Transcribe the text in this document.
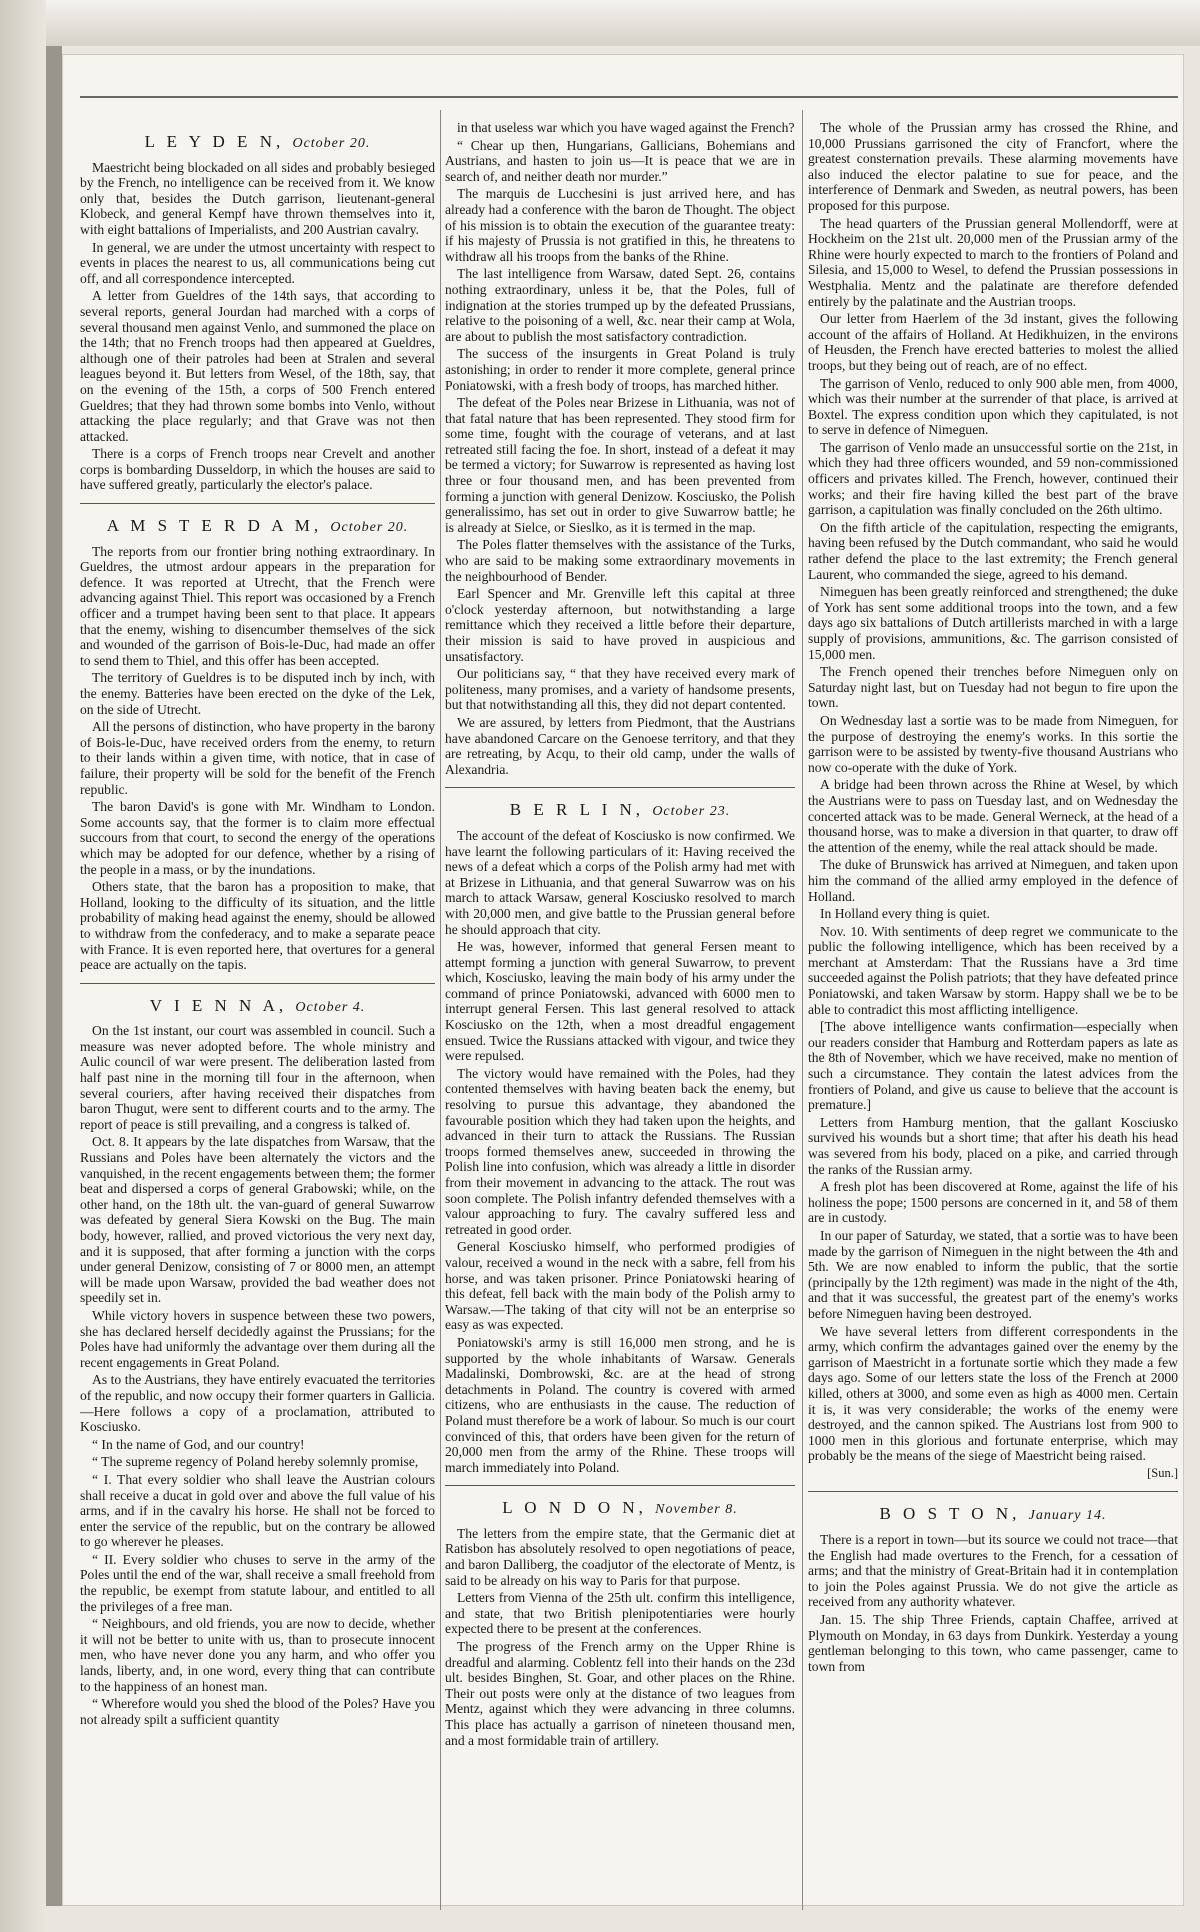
L E Y D E N, October 20.

Maestricht being blockaded on all sides and probably besieged by the French, no intelligence can be received from it. We know only that, besides the Dutch garrison, lieutenant-general Klobeck, and general Kempf have thrown themselves into it, with eight battalions of Imperialists, and 200 Austrian cavalry.

In general, we are under the utmost uncertainty with respect to events in places the nearest to us, all communications being cut off, and all correspondence intercepted.

A letter from Gueldres of the 14th says, that according to several reports, general Jourdan had marched with a corps of several thousand men against Venlo, and summoned the place on the 14th; that no French troops had then appeared at Gueldres, although one of their patroles had been at Stralen and several leagues beyond it. But letters from Wesel, of the 18th, say, that on the evening of the 15th, a corps of 500 French entered Gueldres; that they had thrown some bombs into Venlo, without attacking the place regularly; and that Grave was not then attacked.

There is a corps of French troops near Crevelt and another corps is bombarding Dusseldorp, in which the houses are said to have suffered greatly, particularly the elector's palace.

A M S T E R D A M, October 20.

The reports from our frontier bring nothing extraordinary. In Gueldres, the utmost ardour appears in the preparation for defence. It was reported at Utrecht, that the French were advancing against Thiel. This report was occasioned by a French officer and a trumpet having been sent to that place. It appears that the enemy, wishing to disencumber themselves of the sick and wounded of the garrison of Bois-le-Duc, had made an offer to send them to Thiel, and this offer has been accepted.

The territory of Gueldres is to be disputed inch by inch, with the enemy. Batteries have been erected on the dyke of the Lek, on the side of Utrecht.

All the persons of distinction, who have property in the barony of Bois-le-Duc, have received orders from the enemy, to return to their lands within a given time, with notice, that in case of failure, their property will be sold for the benefit of the French republic.

The baron David's is gone with Mr. Windham to London. Some accounts say, that the former is to claim more effectual succours from that court, to second the energy of the operations which may be adopted for our defence, whether by a rising of the people in a mass, or by the inundations.

Others state, that the baron has a proposition to make, that Holland, looking to the difficulty of its situation, and the little probability of making head against the enemy, should be allowed to withdraw from the confederacy, and to make a separate peace with France. It is even reported here, that overtures for a general peace are actually on the tapis.

V I E N N A, October 4.

On the 1st instant, our court was assembled in council. Such a measure was never adopted before. The whole ministry and Aulic council of war were present. The deliberation lasted from half past nine in the morning till four in the afternoon, when several couriers, after having received their dispatches from baron Thugut, were sent to different courts and to the army. The report of peace is still prevailing, and a congress is talked of.

Oct. 8. It appears by the late dispatches from Warsaw, that the Russians and Poles have been alternately the victors and the vanquished, in the recent engagements between them; the former beat and dispersed a corps of general Grabowski; while, on the other hand, on the 18th ult. the van-guard of general Suwarrow was defeated by general Siera Kowski on the Bug. The main body, however, rallied, and proved victorious the very next day, and it is supposed, that after forming a junction with the corps under general Denizow, consisting of 7 or 8000 men, an attempt will be made upon Warsaw, provided the bad weather does not speedily set in.

While victory hovers in suspence between these two powers, she has declared herself decidedly against the Prussians; for the Poles have had uniformly the advantage over them during all the recent engagements in Great Poland.

As to the Austrians, they have entirely evacuated the territories of the republic, and now occupy their former quarters in Gallicia.—Here follows a copy of a proclamation, attributed to Kosciusko.

“ In the name of God, and our country!

“ The supreme regency of Poland hereby solemnly promise,

“ I. That every soldier who shall leave the Austrian colours shall receive a ducat in gold over and above the full value of his arms, and if in the cavalry his horse. He shall not be forced to enter the service of the republic, but on the contrary be allowed to go wherever he pleases.

“ II. Every soldier who chuses to serve in the army of the Poles until the end of the war, shall receive a small freehold from the republic, be exempt from statute labour, and entitled to all the privileges of a free man.

“ Neighbours, and old friends, you are now to decide, whether it will not be better to unite with us, than to prosecute innocent men, who have never done you any harm, and who offer you lands, liberty, and, in one word, every thing that can contribute to the happiness of an honest man.

“ Wherefore would you shed the blood of the Poles? Have you not already spilt a sufficient quantity

in that useless war which you have waged against the French?

“ Chear up then, Hungarians, Gallicians, Bohemians and Austrians, and hasten to join us—It is peace that we are in search of, and neither death nor murder.”

The marquis de Lucchesini is just arrived here, and has already had a conference with the baron de Thought. The object of his mission is to obtain the execution of the guarantee treaty: if his majesty of Prussia is not gratified in this, he threatens to withdraw all his troops from the banks of the Rhine.

The last intelligence from Warsaw, dated Sept. 26, contains nothing extraordinary, unless it be, that the Poles, full of indignation at the stories trumped up by the defeated Prussians, relative to the poisoning of a well, &c. near their camp at Wola, are about to publish the most satisfactory contradiction.

The success of the insurgents in Great Poland is truly astonishing; in order to render it more complete, general prince Poniatowski, with a fresh body of troops, has marched hither.

The defeat of the Poles near Brizese in Lithuania, was not of that fatal nature that has been represented. They stood firm for some time, fought with the courage of veterans, and at last retreated still facing the foe. In short, instead of a defeat it may be termed a victory; for Suwarrow is represented as having lost three or four thousand men, and has been prevented from forming a junction with general Denizow. Kosciusko, the Polish generalissimo, has set out in order to give Suwarrow battle; he is already at Sielce, or Sieslko, as it is termed in the map.

The Poles flatter themselves with the assistance of the Turks, who are said to be making some extraordinary movements in the neighbourhood of Bender.

Earl Spencer and Mr. Grenville left this capital at three o'clock yesterday afternoon, but notwithstanding a large remittance which they received a little before their departure, their mission is said to have proved in auspicious and unsatisfactory.

Our politicians say, “ that they have received every mark of politeness, many promises, and a variety of handsome presents, but that notwithstanding all this, they did not depart contented.

We are assured, by letters from Piedmont, that the Austrians have abandoned Carcare on the Genoese territory, and that they are retreating, by Acqu, to their old camp, under the walls of Alexandria.

B E R L I N, October 23.

The account of the defeat of Kosciusko is now confirmed. We have learnt the following particulars of it: Having received the news of a defeat which a corps of the Polish army had met with at Brizese in Lithuania, and that general Suwarrow was on his march to attack Warsaw, general Kosciusko resolved to march with 20,000 men, and give battle to the Prussian general before he should approach that city.

He was, however, informed that general Fersen meant to attempt forming a junction with general Suwarrow, to prevent which, Kosciusko, leaving the main body of his army under the command of prince Poniatowski, advanced with 6000 men to interrupt general Fersen. This last general resolved to attack Kosciusko on the 12th, when a most dreadful engagement ensued. Twice the Russians attacked with vigour, and twice they were repulsed.

The victory would have remained with the Poles, had they contented themselves with having beaten back the enemy, but resolving to pursue this advantage, they abandoned the favourable position which they had taken upon the heights, and advanced in their turn to attack the Russians. The Russian troops formed themselves anew, succeeded in throwing the Polish line into confusion, which was already a little in disorder from their movement in advancing to the attack. The rout was soon complete. The Polish infantry defended themselves with a valour approaching to fury. The cavalry suffered less and retreated in good order.

General Kosciusko himself, who performed prodigies of valour, received a wound in the neck with a sabre, fell from his horse, and was taken prisoner. Prince Poniatowski hearing of this defeat, fell back with the main body of the Polish army to Warsaw.—The taking of that city will not be an enterprise so easy as was expected.

Poniatowski's army is still 16,000 men strong, and he is supported by the whole inhabitants of Warsaw. Generals Madalinski, Dombrowski, &c. are at the head of strong detachments in Poland. The country is covered with armed citizens, who are enthusiasts in the cause. The reduction of Poland must therefore be a work of labour. So much is our court convinced of this, that orders have been given for the return of 20,000 men from the army of the Rhine. These troops will march immediately into Poland.

L O N D O N, November 8.

The letters from the empire state, that the Germanic diet at Ratisbon has absolutely resolved to open negotiations of peace, and baron Dalliberg, the coadjutor of the electorate of Mentz, is said to be already on his way to Paris for that purpose.

Letters from Vienna of the 25th ult. confirm this intelligence, and state, that two British plenipotentiaries were hourly expected there to be present at the conferences.

The progress of the French army on the Upper Rhine is dreadful and alarming. Coblentz fell into their hands on the 23d ult. besides Binghen, St. Goar, and other places on the Rhine. Their out posts were only at the distance of two leagues from Mentz, against which they were advancing in three columns. This place has actually a garrison of nineteen thousand men, and a most formidable train of artillery.

The whole of the Prussian army has crossed the Rhine, and 10,000 Prussians garrisoned the city of Francfort, where the greatest consternation prevails. These alarming movements have also induced the elector palatine to sue for peace, and the interference of Denmark and Sweden, as neutral powers, has been proposed for this purpose.

The head quarters of the Prussian general Mollendorff, were at Hockheim on the 21st ult. 20,000 men of the Prussian army of the Rhine were hourly expected to march to the frontiers of Poland and Silesia, and 15,000 to Wesel, to defend the Prussian possessions in Westphalia. Mentz and the palatinate are therefore defended entirely by the palatinate and the Austrian troops.

Our letter from Haerlem of the 3d instant, gives the following account of the affairs of Holland. At Hedikhuizen, in the environs of Heusden, the French have erected batteries to molest the allied troops, but they being out of reach, are of no effect.

The garrison of Venlo, reduced to only 900 able men, from 4000, which was their number at the surrender of that place, is arrived at Boxtel. The express condition upon which they capitulated, is not to serve in defence of Nimeguen.

The garrison of Venlo made an unsuccessful sortie on the 21st, in which they had three officers wounded, and 59 non-commissioned officers and privates killed. The French, however, continued their works; and their fire having killed the best part of the brave garrison, a capitulation was finally concluded on the 26th ultimo.

On the fifth article of the capitulation, respecting the emigrants, having been refused by the Dutch commandant, who said he would rather defend the place to the last extremity; the French general Laurent, who commanded the siege, agreed to his demand.

Nimeguen has been greatly reinforced and strengthened; the duke of York has sent some additional troops into the town, and a few days ago six battalions of Dutch artillerists marched in with a large supply of provisions, ammunitions, &c. The garrison consisted of 15,000 men.

The French opened their trenches before Nimeguen only on Saturday night last, but on Tuesday had not begun to fire upon the town.

On Wednesday last a sortie was to be made from Nimeguen, for the purpose of destroying the enemy's works. In this sortie the garrison were to be assisted by twenty-five thousand Austrians who now co-operate with the duke of York.

A bridge had been thrown across the Rhine at Wesel, by which the Austrians were to pass on Tuesday last, and on Wednesday the concerted attack was to be made. General Werneck, at the head of a thousand horse, was to make a diversion in that quarter, to draw off the attention of the enemy, while the real attack should be made.

The duke of Brunswick has arrived at Nimeguen, and taken upon him the command of the allied army employed in the defence of Holland.

In Holland every thing is quiet.

Nov. 10. With sentiments of deep regret we communicate to the public the following intelligence, which has been received by a merchant at Amsterdam: That the Russians have a 3rd time succeeded against the Polish patriots; that they have defeated prince Poniatowski, and taken Warsaw by storm. Happy shall we be to be able to contradict this most afflicting intelligence.

[The above intelligence wants confirmation—especially when our readers consider that Hamburg and Rotterdam papers as late as the 8th of November, which we have received, make no mention of such a circumstance. They contain the latest advices from the frontiers of Poland, and give us cause to believe that the account is premature.]

Letters from Hamburg mention, that the gallant Kosciusko survived his wounds but a short time; that after his death his head was severed from his body, placed on a pike, and carried through the ranks of the Russian army.

A fresh plot has been discovered at Rome, against the life of his holiness the pope; 1500 persons are concerned in it, and 58 of them are in custody.

In our paper of Saturday, we stated, that a sortie was to have been made by the garrison of Nimeguen in the night between the 4th and 5th. We are now enabled to inform the public, that the sortie (principally by the 12th regiment) was made in the night of the 4th, and that it was successful, the greatest part of the enemy's works before Nimeguen having been destroyed.

We have several letters from different correspondents in the army, which confirm the advantages gained over the enemy by the garrison of Maestricht in a fortunate sortie which they made a few days ago. Some of our letters state the loss of the French at 2000 killed, others at 3000, and some even as high as 4000 men. Certain it is, it was very considerable; the works of the enemy were destroyed, and the cannon spiked. The Austrians lost from 900 to 1000 men in this glorious and fortunate enterprise, which may probably be the means of the siege of Maestricht being raised.

[Sun.]
B O S T O N, January 14.

There is a report in town—but its source we could not trace—that the English had made overtures to the French, for a cessation of arms; and that the ministry of Great-Britain had it in contemplation to join the Poles against Prussia. We do not give the article as received from any authority whatever.

Jan. 15. The ship Three Friends, captain Chaffee, arrived at Plymouth on Monday, in 63 days from Dunkirk. Yesterday a young gentleman belonging to this town, who came passenger, came to town from
